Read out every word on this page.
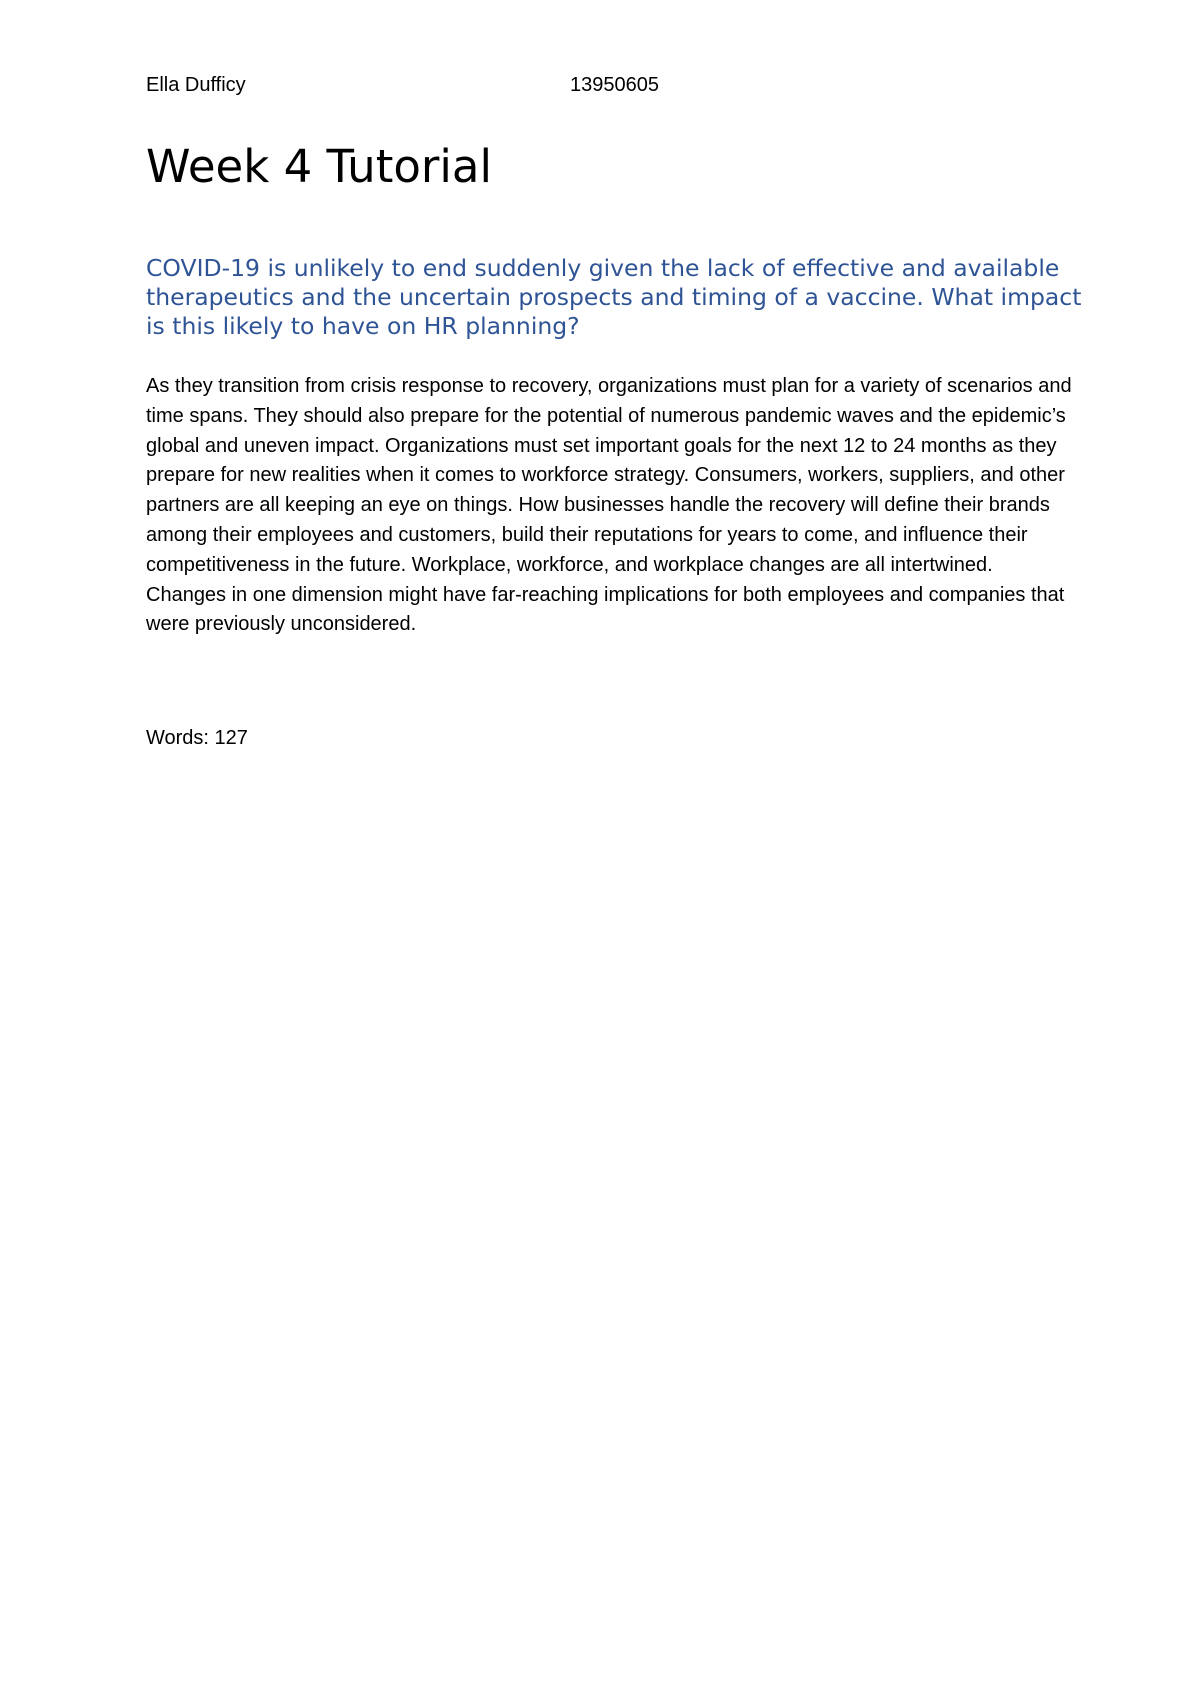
Ella Dufficy	13950605
Week 4 Tutorial
COVID-19 is unlikely to end suddenly given the lack of effective and available therapeutics and the uncertain prospects and timing of a vaccine. What impact is this likely to have on HR planning?

As they transition from crisis response to recovery, organizations must plan for a variety of scenarios and time spans. They should also prepare for the potential of numerous pandemic waves and the epidemic’s global and uneven impact. Organizations must set important goals for the next 12 to 24 months as they prepare for new realities when it comes to workforce strategy. Consumers, workers, suppliers, and other partners are all keeping an eye on things. How businesses handle the recovery will define their brands among their employees and customers, build their reputations for years to come, and influence their competitiveness in the future. Workplace, workforce, and workplace changes are all intertwined. Changes in one dimension might have far-reaching implications for both employees and companies that were previously unconsidered.

Words: 127
